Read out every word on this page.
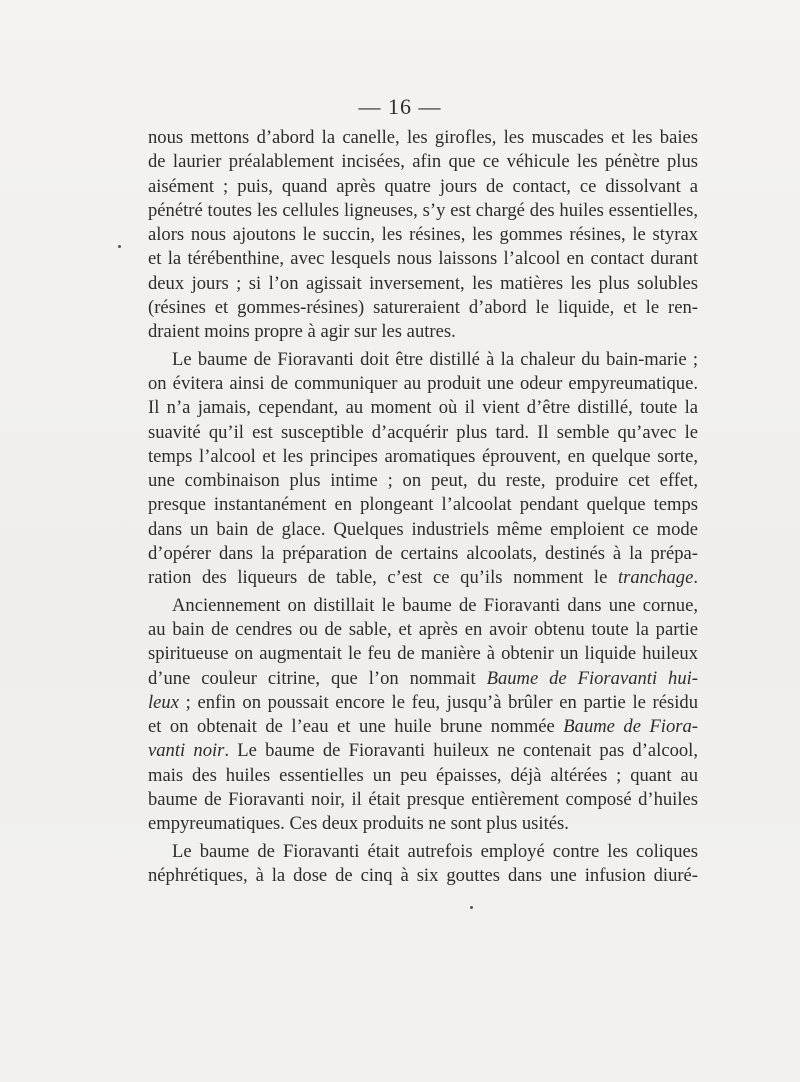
— 16 —
nous mettons d’abord la canelle, les girofles, les muscades et les baies
de laurier préalablement incisées, afin que ce véhicule les pénètre plus
aisément ; puis, quand après quatre jours de contact, ce dissolvant a
pénétré toutes les cellules ligneuses, s’y est chargé des huiles essentielles,
alors nous ajoutons le succin, les résines, les gommes résines, le styrax
et la térébenthine, avec lesquels nous laissons l’alcool en contact durant
deux jours ; si l’on agissait inversement, les matières les plus solubles
(résines et gommes-résines) satureraient d’abord le liquide, et le ren-
draient moins propre à agir sur les autres.
Le baume de Fioravanti doit être distillé à la chaleur du bain-marie ;
on évitera ainsi de communiquer au produit une odeur empyreumatique.
Il n’a jamais, cependant, au moment où il vient d’être distillé, toute la
suavité qu’il est susceptible d’acquérir plus tard. Il semble qu’avec le
temps l’alcool et les principes aromatiques éprouvent, en quelque sorte,
une combinaison plus intime ; on peut, du reste, produire cet effet,
presque instantanément en plongeant l’alcoolat pendant quelque temps
dans un bain de glace. Quelques industriels même emploient ce mode
d’opérer dans la préparation de certains alcoolats, destinés à la prépa-
ration des liqueurs de table, c’est ce qu’ils nomment le tranchage.
Anciennement on distillait le baume de Fioravanti dans une cornue,
au bain de cendres ou de sable, et après en avoir obtenu toute la partie
spiritueuse on augmentait le feu de manière à obtenir un liquide huileux
d’une couleur citrine, que l’on nommait Baume de Fioravanti hui-
leux ; enfin on poussait encore le feu, jusqu’à brûler en partie le résidu
et on obtenait de l’eau et une huile brune nommée Baume de Fiora-
vanti noir. Le baume de Fioravanti huileux ne contenait pas d’alcool,
mais des huiles essentielles un peu épaisses, déjà altérées ; quant au
baume de Fioravanti noir, il était presque entièrement composé d’huiles
empyreumatiques. Ces deux produits ne sont plus usités.
Le baume de Fioravanti était autrefois employé contre les coliques
néphrétiques, à la dose de cinq à six gouttes dans une infusion diuré-
